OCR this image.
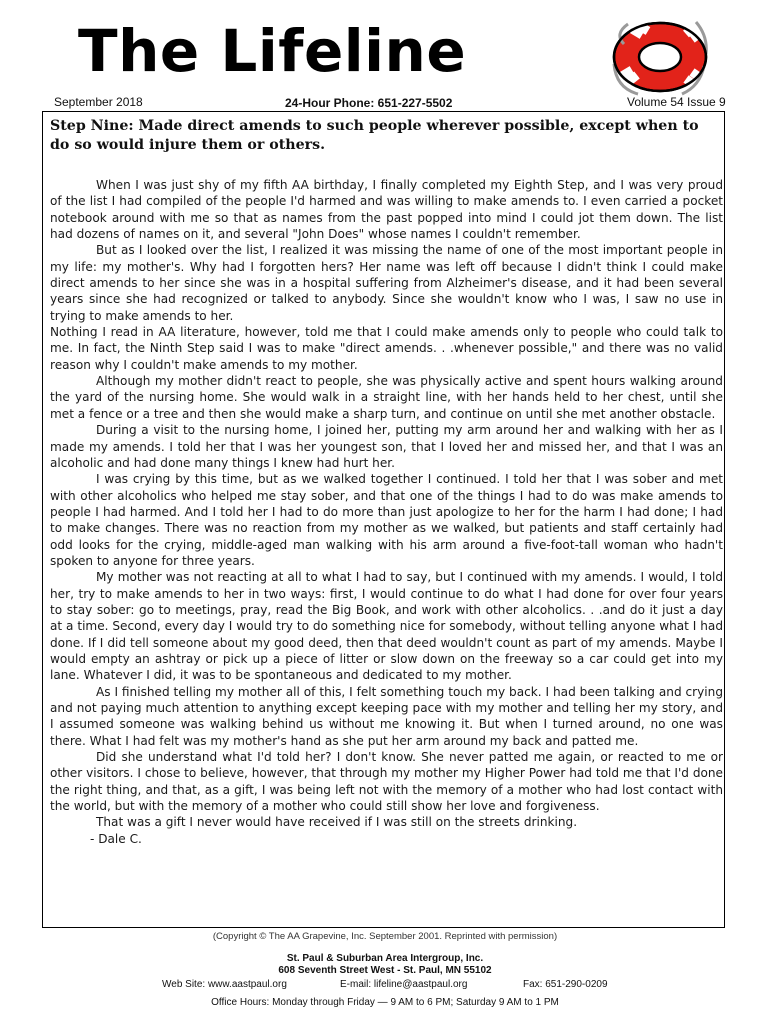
The Lifeline
September 2018	24-Hour Phone: 651-227-5502	Volume 54 Issue 9
Step Nine: Made direct amends to such people wherever possible, except when to do so would injure them or others.

When I was just shy of my fifth AA birthday, I finally completed my Eighth Step, and I was very proud of the list I had compiled of the people I'd harmed and was willing to make amends to. I even carried a pocket notebook around with me so that as names from the past popped into mind I could jot them down. The list had dozens of names on it, and several "John Does" whose names I couldn't remember.

But as I looked over the list, I realized it was missing the name of one of the most important people in my life: my mother's. Why had I forgotten hers? Her name was left off because I didn't think I could make direct amends to her since she was in a hospital suffering from Alzheimer's disease, and it had been several years since she had recognized or talked to anybody. Since she wouldn't know who I was, I saw no use in trying to make amends to her.

Nothing I read in AA literature, however, told me that I could make amends only to people who could talk to me. In fact, the Ninth Step said I was to make "direct amends. . .whenever possible," and there was no valid reason why I couldn't make amends to my mother.

Although my mother didn't react to people, she was physically active and spent hours walking around the yard of the nursing home. She would walk in a straight line, with her hands held to her chest, until she met a fence or a tree and then she would make a sharp turn, and continue on until she met another obstacle.

During a visit to the nursing home, I joined her, putting my arm around her and walking with her as I made my amends. I told her that I was her youngest son, that I loved her and missed her, and that I was an alcoholic and had done many things I knew had hurt her.

I was crying by this time, but as we walked together I continued. I told her that I was sober and met with other alcoholics who helped me stay sober, and that one of the things I had to do was make amends to people I had harmed. And I told her I had to do more than just apologize to her for the harm I had done; I had to make changes. There was no reaction from my mother as we walked, but patients and staff certainly had odd looks for the crying, middle-aged man walking with his arm around a five-foot-tall woman who hadn't spoken to anyone for three years.

My mother was not reacting at all to what I had to say, but I continued with my amends. I would, I told her, try to make amends to her in two ways: first, I would continue to do what I had done for over four years to stay sober: go to meetings, pray, read the Big Book, and work with other alcoholics. . .and do it just a day at a time. Second, every day I would try to do something nice for somebody, without telling anyone what I had done. If I did tell someone about my good deed, then that deed wouldn't count as part of my amends. Maybe I would empty an ashtray or pick up a piece of litter or slow down on the freeway so a car could get into my lane. Whatever I did, it was to be spontaneous and dedicated to my mother.

As I finished telling my mother all of this, I felt something touch my back. I had been talking and crying and not paying much attention to anything except keeping pace with my mother and telling her my story, and I assumed someone was walking behind us without me knowing it. But when I turned around, no one was there. What I had felt was my mother's hand as she put her arm around my back and patted me.

Did she understand what I'd told her? I don't know. She never patted me again, or reacted to me or other visitors. I chose to believe, however, that through my mother my Higher Power had told me that I'd done the right thing, and that, as a gift, I was being left not with the memory of a mother who had lost contact with the world, but with the memory of a mother who could still show her love and forgiveness.

That was a gift I never would have received if I was still on the streets drinking.

- Dale C.

(Copyright © The AA Grapevine, Inc. September 2001. Reprinted with permission)
St. Paul & Suburban Area Intergroup, Inc.
608 Seventh Street West - St. Paul, MN 55102
Web Site: www.aastpaul.org	E-mail: lifeline@aastpaul.org	Fax: 651-290-0209
Office Hours: Monday through Friday — 9 AM to 6 PM; Saturday 9 AM to 1 PM
